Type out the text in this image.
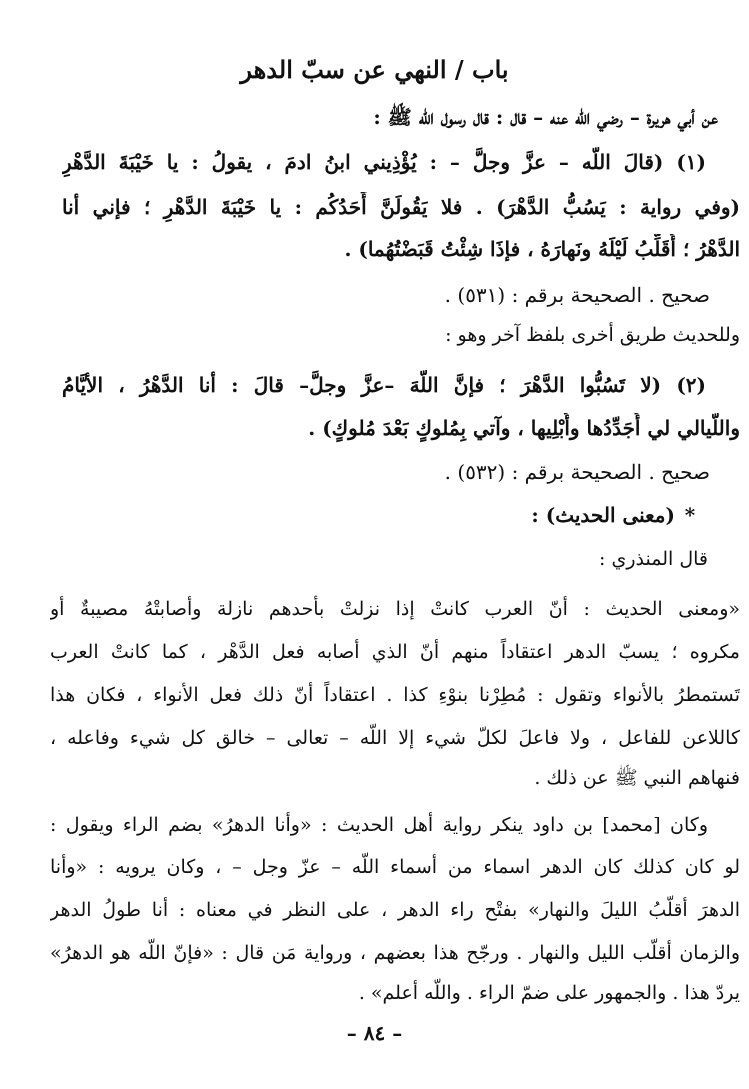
باب / النهي عن سبّ الدهر
عن أبي هريرة – رضي الله عنه – قال : قال رسول الله ﷺ :
(١) (قالَ اللّه – عزَّ وجلَّ – : يُؤْذِيني ابنُ ادمَ ، يقولُ : يا خَيْبَةَ الدَّهْرِ
(وفي رواية : يَسُبُّ الدَّهْرَ) . فلا يَقُولَنَّ أَحَدُكُم : يا خَيْبَةَ الدَّهْرِ ؛ فإني أنا
الدَّهْرُ ؛ أُقَلِّبُ لَيْلَهُ ونَهارَهُ ، فإذَا شِئْتُ قَبَضْتُهُما) .
صحيح . الصحيحة برقم : (٥٣١) .
وللحديث طريق أخرى بلفظ آخر وهو :
(٢) (لا تَسُبُّوا الدَّهْرَ ؛ فإنَّ اللّهَ –عزَّ وجلَّ– قالَ : أنا الدَّهْرُ ، الأيَّامُ
واللَّيالي لي أُجَدِّدُها وأُبْلِيها ، وآتي بِمُلوكٍ بَعْدَ مُلوكٍ) .
صحيح . الصحيحة برقم : (٥٣٢) .
(معنى الحديث) : *
قال المنذري :
«ومعنى الحديث : أنّ العرب كانتْ إذا نزلتْ بأحدهم نازلة وأصابتْهُ مصيبةٌ أو
مكروه ؛ يسبّ الدهر اعتقاداً منهم أنّ الذي أصابه فعل الدَّهْر ، كما كانتْ العرب
تَستمطرُ بالأنواء وتقول : مُطِرْنا بنوْءِ كذا . اعتقاداً أنّ ذلك فعل الأنواء ، فكان هذا
كاللاعن للفاعل ، ولا فاعلَ لكلّ شيء إلا اللّه – تعالى – خالق كل شيء وفاعله ،
فنهاهم النبي ﷺ عن ذلك .
وكان [محمد] بن داود ينكر رواية أهل الحديث : «وأنا الدهرُ» بضم الراء ويقول :
لو كان كذلك كان الدهر اسماء من أسماء اللّه – عزّ وجل – ، وكان يرويه : «وأنا
الدهرَ أقلّبُ الليلَ والنهار» بفتْح راء الدهر ، على النظر في معناه : أنا طولُ الدهر
والزمان أقلّب الليل والنهار . ورجّح هذا بعضهم ، ورواية مَن قال : «فإنّ اللّه هو الدهرُ»
يردّ هذا . والجمهور على ضمّ الراء . واللّه أعلم» .
– ٨٤ –
